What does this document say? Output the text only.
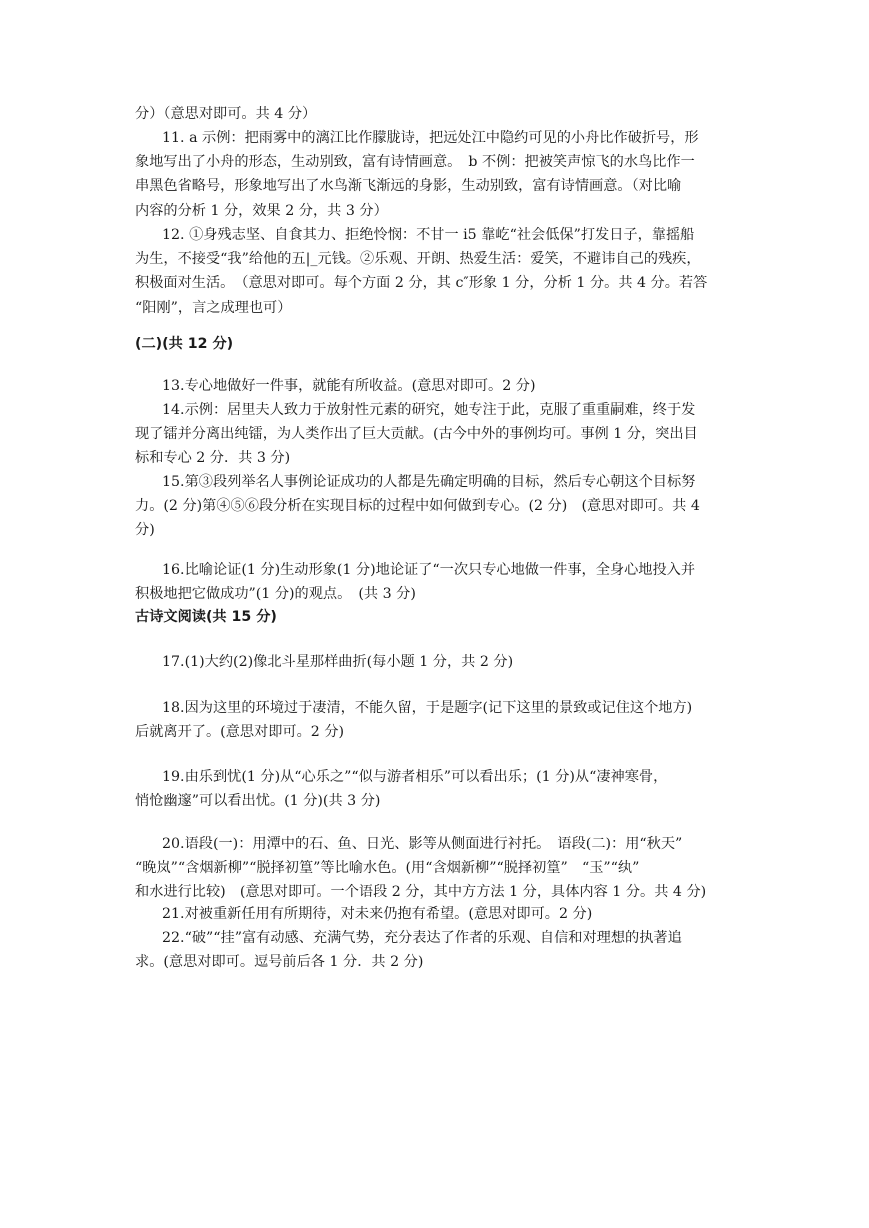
分）（意思对即可。共 4 分）
11. a 示例：把雨雾中的漓江比作朦胧诗，把远处江中隐约可见的小舟比作破折号，形
象地写出了小舟的形态，生动别致，富有诗情画意。　b 不例：把被笑声惊飞的水鸟比作一
串黑色省略号，形象地写出了水鸟渐飞渐远的身影，生动别致，富有诗情画意。（对比喻
内容的分析 1 分，效果 2 分，共 3 分）
12. ①身残志坚、自食其力、拒绝怜悯：不甘一 i5 靠屹“社会低保”打发日子，靠摇船
为生，不接受“我”给他的五|_元钱。②乐观、开朗、热爱生活：爱笑，不避讳自己的残疾，
积极面对生活。　（意思对即可。每个方面 2 分，其 c″形象 1 分，分析 1 分。共 4 分。若答
“阳刚”，言之成理也可）
(二)(共 12 分)
13.专心地做好一件事，就能有所收益。(意思对即可。2 分)
14.示例：居里夫人致力于放射性元素的研究，她专注于此，克服了重重嗣难，终于发
现了镭并分离出纯镭，为人类作出了巨大贡献。(古今中外的事例均可。事例 1 分，突出目
标和专心 2 分．共 3 分)
15.第③段列举名人事例论证成功的人都是先确定明确的目标，然后专心朝这个目标努
力。(2 分)第④⑤⑥段分析在实现目标的过程中如何做到专心。(2 分)　(意思对即可。共 4
分)
16.比喻论证(1 分)生动形象(1 分)地论证了“一次只专心地做一件事，全身心地投入并
积极地把它做成功”(1 分)的观点。　(共 3 分)
古诗文阅读(共 15 分)
17.(1)大约(2)像北斗星那样曲折(每小题 1 分，共 2 分)
18.因为这里的环境过于凄清，不能久留，于是题字(记下这里的景致或记住这个地方)
后就离开了。(意思对即可。2 分)
19.由乐到忧(1 分)从“心乐之”“似与游者相乐”可以看出乐；(1 分)从“凄神寒骨，
悄怆幽邃”可以看出忧。(1 分)(共 3 分)
20.语段(一)：用潭中的石、鱼、日光、影等从侧面进行衬托。　语段(二)：用“秋天”
“晚岚”“含烟新柳”“脱择初篁”等比喻水色。(用“含烟新柳”“脱择初篁”　“玉”“纨”
和水进行比较)　(意思对即可。一个语段 2 分，其中方方法 1 分，具体内容 1 分。共 4 分)
21.对被重新任用有所期待，对未来仍抱有希望。(意思对即可。2 分)
22.“破”“挂”富有动感、充满气势，充分表达了作者的乐观、自信和对理想的执著追
求。(意思对即可。逗号前后各 1 分．共 2 分)
